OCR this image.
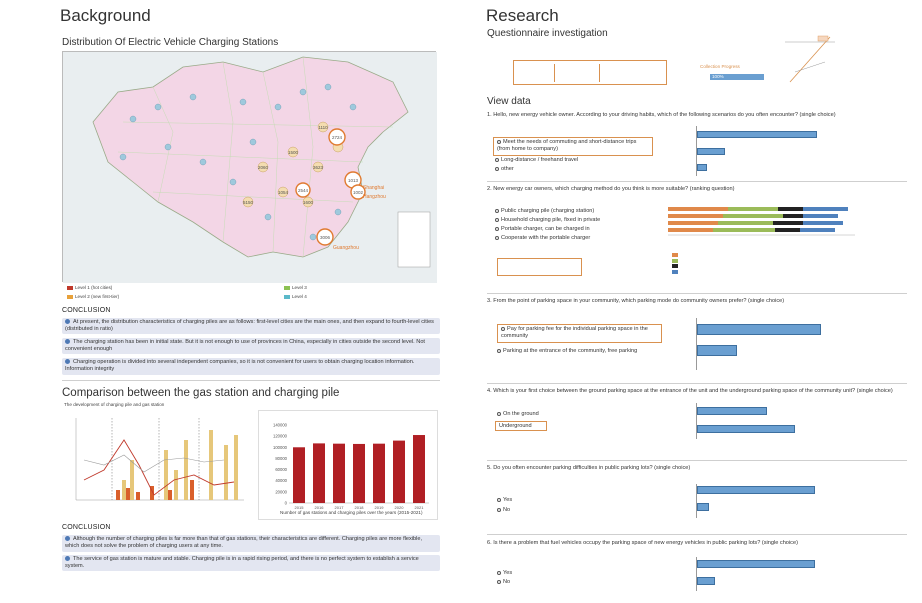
Background
Distribution Of Electric Vehicle Charging Stations
2724
1013
3006
2544	1002
1500
3623
1054
1600
2060
5150
1110
Shanghai
Hangzhou
Guangzhou
Level 1 (hot cities)
Level 2 (new first-tier)
Level 3
Level 4
CONCLUSION
At present, the distribution characteristics of charging piles are as follows: first-level cities are the main ones, and then expand to fourth-level cities (distributed in ratio)
The charging station has been in initial state. But it is not enough to use of provinces in China, especially in cities outside the second level. Not convenient enough
Charging operation is divided into several independent companies, so it is not convenient for users to obtain charging location information. Information integrity
Comparison between the gas station and charging pile
The development of charging pile and gas station
140000
120000
100000
80000
60000
40000
20000
0
2015	2016	2017	2018	2019	2020	2021
Number of gas stations and charging piles over the years (2015-2021)
CONCLUSION
Although the number of charging piles is far more than that of gas stations, their characteristics are different. Charging piles are more flexible, which does not solve the problem of charging users at any time.
The service of gas station is mature and stable. Charging pile is in a rapid rising period, and there is no perfect system to establish a service system.
Research
Questionnaire investigation
Collection Progress
100%
View data
1. Hello, new energy vehicle owner. According to your driving habits, which of the following scenarios do you often encounter? (single choice)
Meet the needs of commuting and short-distance trips (from home to company)
Long-distance / freehand travel
other
2. New energy car owners, which charging method do you think is more suitable? (ranking question)
Public charging pile (charging station)
Household charging pile, fixed in private
Portable charger, can be charged in
Cooperate with the portable charger
3. From the point of parking space in your community, which parking mode do community owners prefer? (single choice)
Pay for parking fee for the individual parking space in the community
Parking at the entrance of the community, free parking
4. Which is your first choice between the ground parking space at the entrance of the unit and the underground parking space of the community unit? (single choice)
On the ground
Underground
5. Do you often encounter parking difficulties in public parking lots? (single choice)
Yes
No
6. Is there a problem that fuel vehicles occupy the parking space of new energy vehicles in public parking lots? (single choice)
Yes
No
